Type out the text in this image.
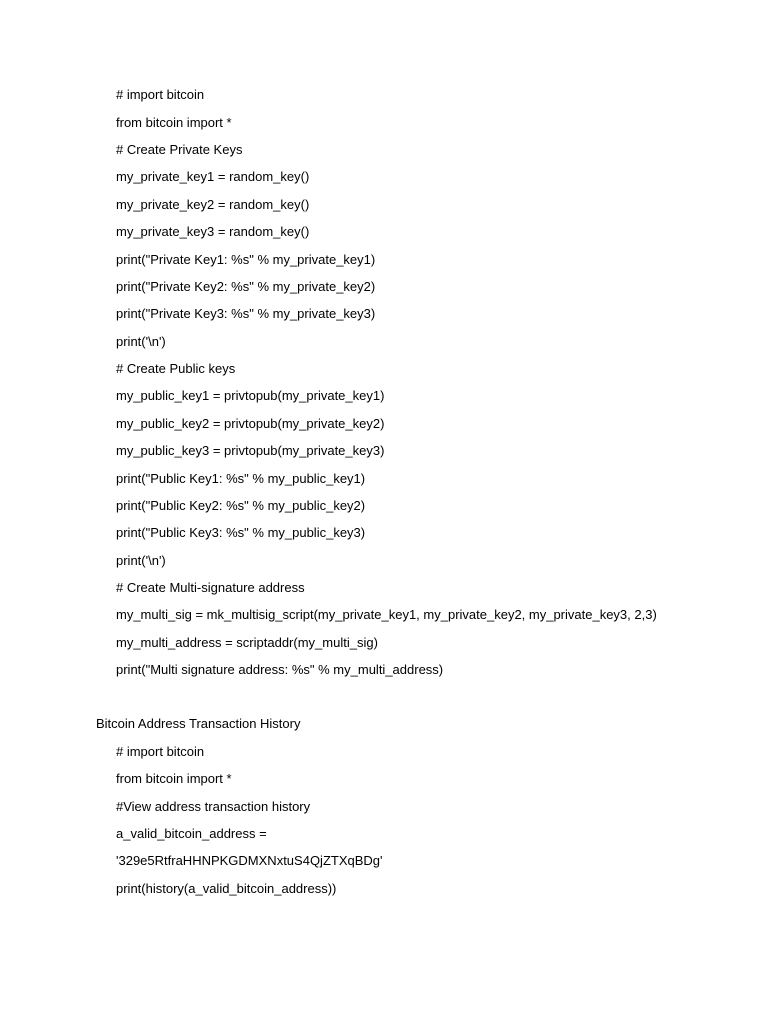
# import bitcoin
from bitcoin import *
# Create Private Keys
my_private_key1 = random_key()
my_private_key2 = random_key()
my_private_key3 = random_key()
print("Private Key1: %s" % my_private_key1)
print("Private Key2: %s" % my_private_key2)
print("Private Key3: %s" % my_private_key3)
print('\n')
# Create Public keys
my_public_key1 = privtopub(my_private_key1)
my_public_key2 = privtopub(my_private_key2)
my_public_key3 = privtopub(my_private_key3)
print("Public Key1: %s" % my_public_key1)
print("Public Key2: %s" % my_public_key2)
print("Public Key3: %s" % my_public_key3)
print('\n')
# Create Multi-signature address
my_multi_sig = mk_multisig_script(my_private_key1, my_private_key2, my_private_key3, 2,3)
my_multi_address = scriptaddr(my_multi_sig)
print("Multi signature address: %s" % my_multi_address)
Bitcoin Address Transaction History
# import bitcoin
from bitcoin import *
#View address transaction history
a_valid_bitcoin_address =
'329e5RtfraHHNPKGDMXNxtuS4QjZTXqBDg'
print(history(a_valid_bitcoin_address))
